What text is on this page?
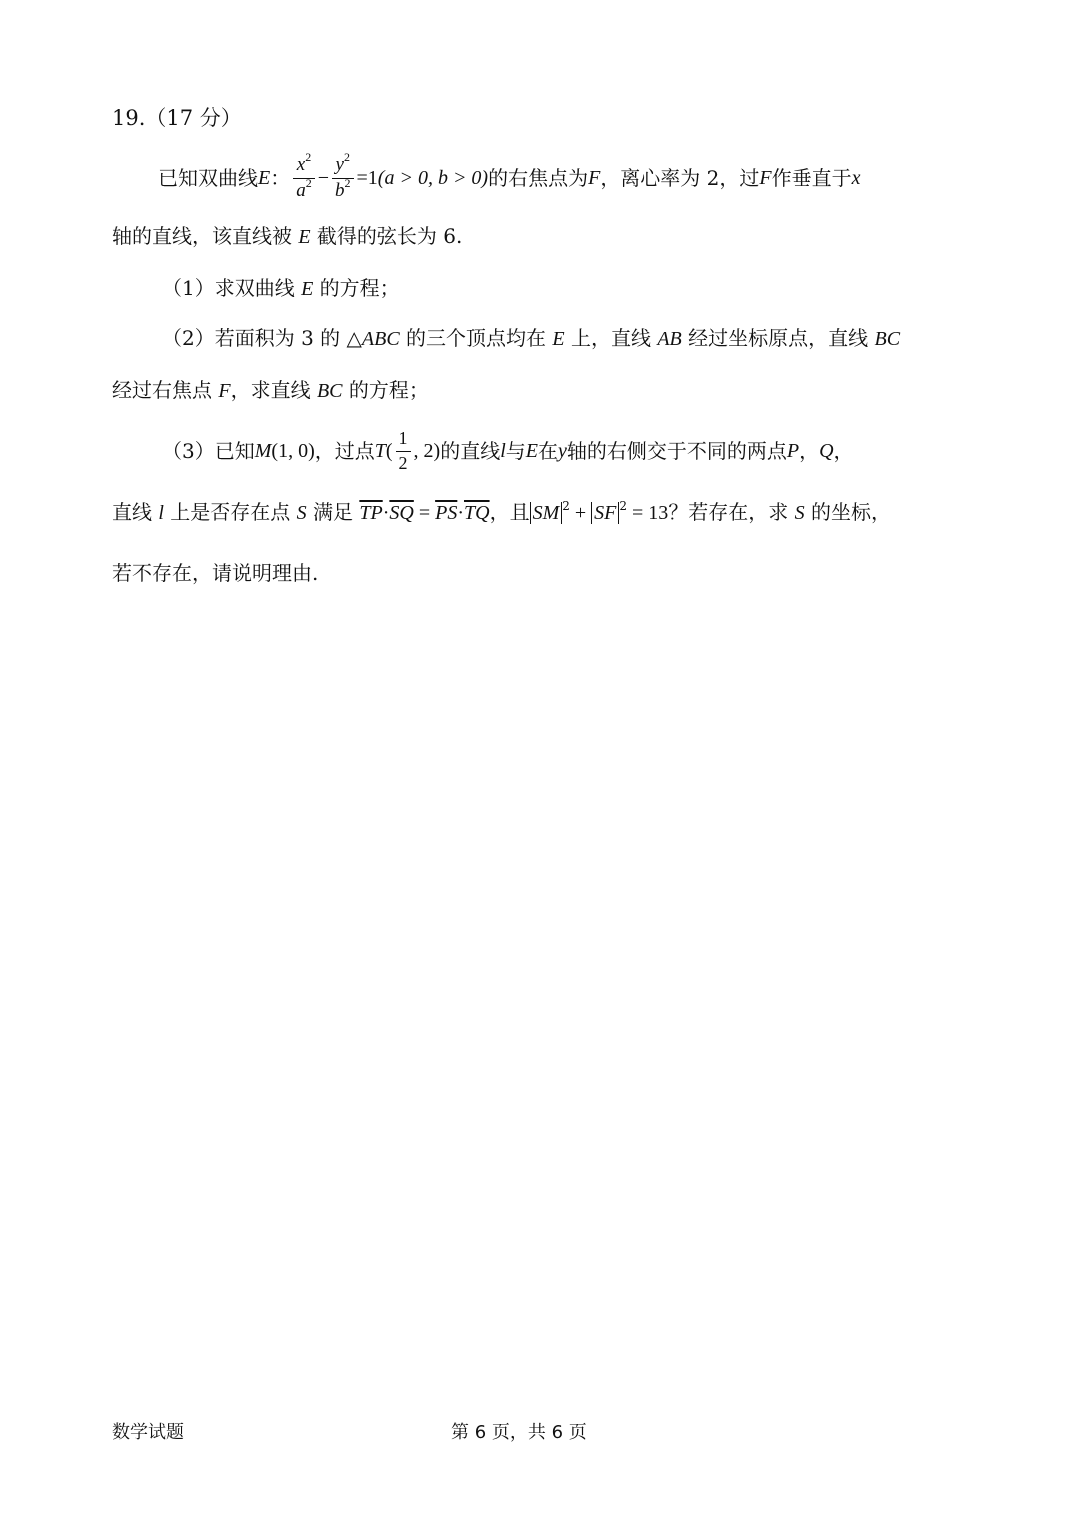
19.（17 分）
已知双曲线 E ： $\frac{x^2}{a^2} - \frac{y^2}{b^2} =1$ (a > 0, b > 0) 的右焦点为 F ，离心率为 2，过 F 作垂直于 x
轴的直线，该直线被 E 截得的弦长为 6.
（1）求双曲线 E 的方程；
（2）若面积为 3 的 △ABC 的三个顶点均在 E 上，直线 AB 经过坐标原点，直线 BC
经过右焦点 F，求直线 BC 的方程；
（3）已知 M (1, 0) ，过点 T ( $\frac{1}{2}$ , 2) 的直线 l 与 E 在 y 轴的右侧交于不同的两点 P ， Q ，
直线 l 上是否存在点 S 满足 $\overline{TP}\cdot\overline{SQ} = \overline{PS}\cdot\overline{TQ}$，且 SM $^2$ + SF $^2$ = 13？若存在，求 S 的坐标，
若不存在，请说明理由.
数学试题	第 6 页，共 6 页
